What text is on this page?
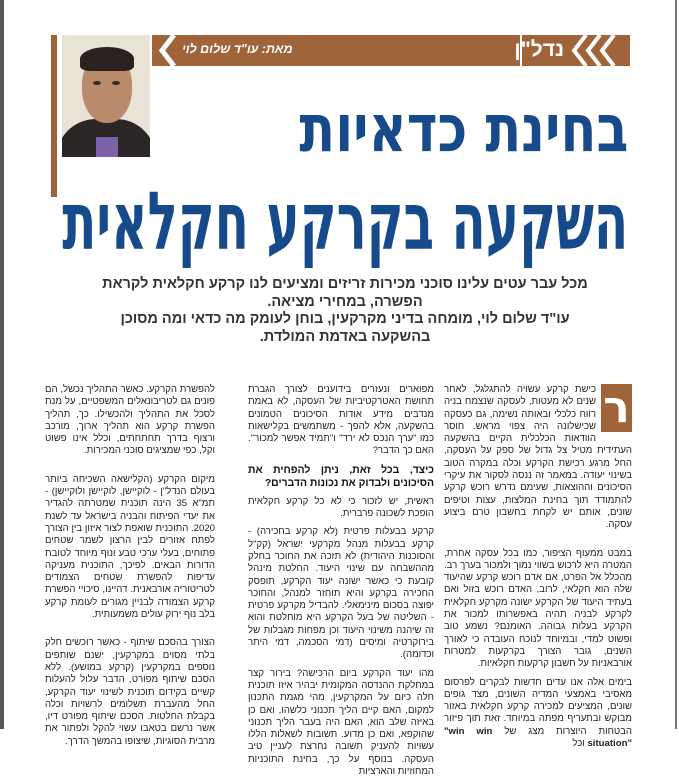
מאת: עו"ד שלום לוי	נדל"ן
בחינת כדאיות
השקעה בקרקע חקלאית
מכל עבר עטים עלינו סוכני מכירות זריזים ומציעים לנו קרקע חקלאית לקראת הפשרה, במחירי מציאה.
עו"ד שלום לוי, מומחה בדיני מקרקעין, בוחן לעומק מה כדאי ומה מסוכן בהשקעה באדמת המולדת.

ר
כישת קרקע עשויה להתגלגל, לאחר שנים לא מעטות, לעסקה שנצמח בניה רווח כלכלי ובאותה נשימה, גם כעסקה שכישלונה היה צפוי מראש. חוסר הוודאות הכלכלית הקיים בהשקעה העתידית מטיל צל גדול של ספק על העסקה, החל מרגע רכישת הקרקע וכלה במקרה הטוב בשינוי יעודה. במאמר זה ננסה לסקור את עיקרי הסיכונים וההוצאות, שעימם נדרש רוכש קרקע להתמודד תוך בחינת המלצות, עצות וטיפים שונים, אותם יש לקחת בחשבון טרם ביצוע עסקה.

במבט ממעוף הציפור, כמו בכל עסקה אחרת, המטרה היא לרכוש בשווי נמוך ולמכור בערך רב. מהכלל אל הפרט, אם אדם רוכש קרקע שהיעוד שלה הוא חקלאי, לרוב, האדם רוכש בזול ואם בעתיד היעוד של הקרקע ישונה מקרקע חקלאית לקרקע לבניה תהיה באפשרותו למכור את הקרקע בעלות גבוהה. האומנם? נשמע טוב ופשוט למדי, ובמיוחד לנוכח העובדה כי לאורך השנים, גובר הצורך בקרקעות למטרות אורבאניות על חשבון קרקעות חקלאיות.

בימים אלה אנו עדים חדשות לבקרים לפרסום מאסיבי באמצעי המדיה השונים, מצד גופים שונים, המציעים למכירה קרקע חקלאית באזור מבוקש ובתעריף מפתה במיוחד. זאת תוך פיזור הבטחות היוצרות מצג של "win win situation" וכל

מפוארים ונעזרים בידוענים לצורך הגברת תחושת האטרקטיביות של העסקה, לא באמת מנדבים מידע אודות הסיכונים הטמונים בהשקעה, אלא להפך - משתמשים בקלישאות כמו "ערך הנכס לא ירד" ו"תמיד אפשר למכור". האם כך הדבר?

כיצד, בכל זאת, ניתן להפחית את הסיכונים ולבדוק את נכונות הדברים?

ראשית, יש לזכור כי לא כל קרקע חקלאית הופכת לשכונה פרברית.

קרקע בבעלות פרטית (לא קרקע בחכירה) - קרקע בבעלות מנהל מקרקעי ישראל (קק"ל והסוכנות היהודית) לא תזכה את החוכר בחלק מההשבחה עם שינוי היעוד. החלטת מינהל קובעת כי כאשר ישונה יעוד הקרקע, תופסק החכירה בקרקע והיא תוחזר למנהל, והחוכר יפוצה בסכום מינימאלי. להבדיל מקרקע פרטית - השליטה של בעל הקרקע היא מוחלטת והוא זה שיהנה משינוי היעוד וכן מפחות מגבלות של בירוקרטיה ומיסים (דמי הסכמה, דמי היתר וכדומה).

מהו יעוד הקרקע ביום הרכישה? בירור קצר במחלקת ההנדסה המקומית יבהיר איזו תוכנית חלה כיום על המקרקעין, מהי מגמת התכנון למקום, האם קיים הליך תכנוני כלשהו, ואם כן באיזה שלב הוא, האם היה בעבר הליך תכנוני שהוקפא, ואם כן מדוע. תשובות לשאלות הללו עשויות להעניק תשובה נחרצת לעניין טיב העסקה. בנוסף על כך, בחינת התוכניות המחוזיות והארציות

להפשרת הקרקע. כאשר התהליך נכשל, הם פונים גם לטריבונאלים המשפטיים, על מנת לסכל את התהליך ולהכשילו. כך, תהליך הפשרת קרקע הוא תהליך ארוך, מורכב ורצוף בדרך תחתחתים, וכלל אינו פשוט וקל, כפי שמציגים סוכני המכירות.

מיקום הקרקע (הקלישאה השכיחה ביותר בעולם הנדל"ן - לוקיישן, לוקיישן ולוקיישן) - תמ"א 35 הינה תוכנית שמטרתה להגדיר את יעדי הפיתוח והבניה בישראל עד לשנת 2020. התוכנית שואפת לצור איזון בין הצורך לפתח אזורים לבין הרצון לשמר שטחים פתוחים, בעלי ערכי טבע ונוף מיוחד לטובת הדורות הבאים. לפיכך, התוכנית מעניקה עדיפות להפשרת שטחים הצמודים לטריטוריה אורבאנית. דהיינו, סיכויי הפשרת קרקע הצמודה לבניין מגורים לעומת קרקע בלב נוף ירוק עולים משמעותית.

הצורך בהסכם שיתוף - כאשר רוכשים חלק בלתי מסוים במקרקעין, ישנם שותפים נוספים במקרקעין (קרקע במושע). ללא הסכם שיתוף מפורט, הדבר עלול להעלות קשיים בקידום תוכנית לשינוי יעוד הקרקע, החל מהעברת תשלומים לרשויות וכלה בקבלת החלטות. הסכם שיתוף מפורט דיו, אשר נרשם בטאבו עשוי להקל ולפתור את מרבית הסוגיות, שיצופו בהמשך הדרך.
